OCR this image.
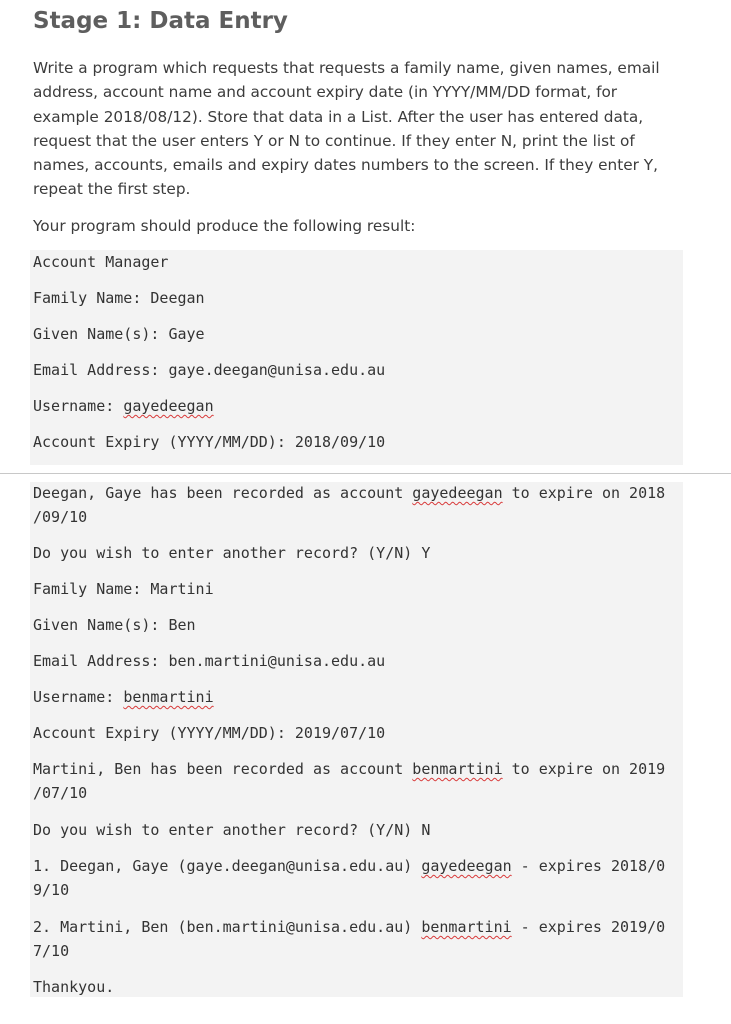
Stage 1: Data Entry
Write a program which requests that requests a family name, given names, email
address, account name and account expiry date (in YYYY/MM/DD format, for
example 2018/08/12). Store that data in a List. After the user has entered data,
request that the user enters Y or N to continue. If they enter N, print the list of
names, accounts, emails and expiry dates numbers to the screen. If they enter Y,
repeat the first step.

Your program should produce the following result:

Account Manager
Family Name: Deegan
Given Name(s): Gaye
Email Address: gaye.deegan@unisa.edu.au
Username: gayedeegan
Account Expiry (YYYY/MM/DD): 2018/09/10
Deegan, Gaye has been recorded as account gayedeegan to expire on 2018
/09/10
Do you wish to enter another record? (Y/N) Y
Family Name: Martini
Given Name(s): Ben
Email Address: ben.martini@unisa.edu.au
Username: benmartini
Account Expiry (YYYY/MM/DD): 2019/07/10
Martini, Ben has been recorded as account benmartini to expire on 2019
/07/10
Do you wish to enter another record? (Y/N) N
1. Deegan, Gaye (gaye.deegan@unisa.edu.au) gayedeegan - expires 2018/0
9/10
2. Martini, Ben (ben.martini@unisa.edu.au) benmartini - expires 2019/0
7/10
Thankyou.
